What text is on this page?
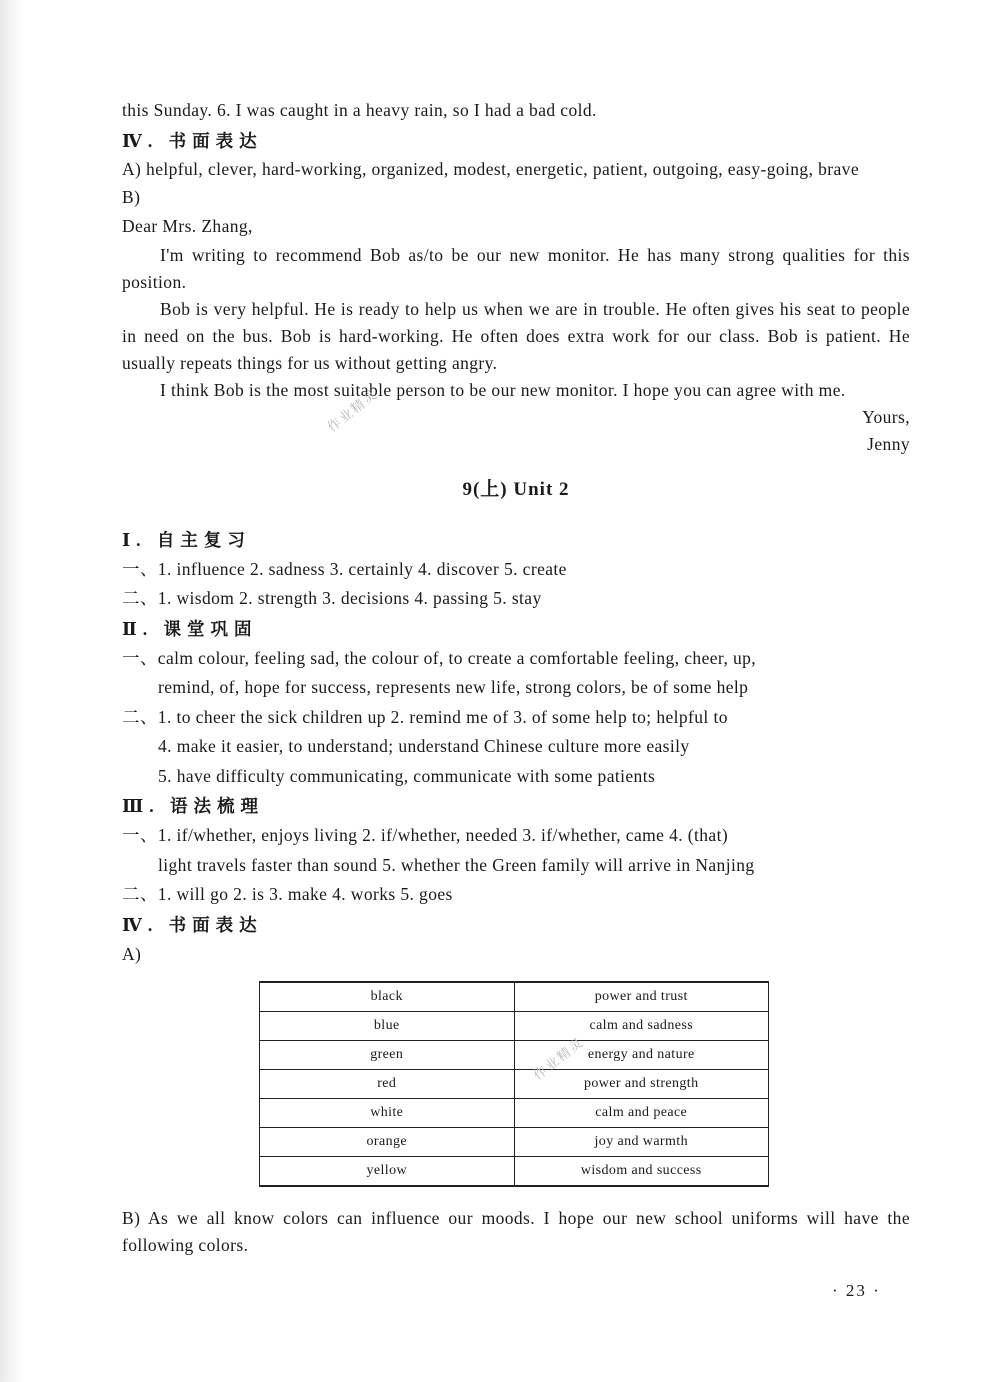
this Sunday. 6. I was caught in a heavy rain, so I had a bad cold.
Ⅳ. 书面表达
A) helpful, clever, hard-working, organized, modest, energetic, patient, outgoing, easy-going, brave
B)
Dear Mrs. Zhang,
I'm writing to recommend Bob as/to be our new monitor. He has many strong qualities for this position.
Bob is very helpful. He is ready to help us when we are in trouble. He often gives his seat to people in need on the bus. Bob is hard-working. He often does extra work for our class. Bob is patient. He usually repeats things for us without getting angry.
I think Bob is the most suitable person to be our new monitor. I hope you can agree with me.
Yours,
Jenny
9(上) Unit 2
Ⅰ. 自主复习
一、1. influence 2. sadness 3. certainly 4. discover 5. create
二、1. wisdom 2. strength 3. decisions 4. passing 5. stay
Ⅱ. 课堂巩固
一、calm colour, feeling sad, the colour of, to create a comfortable feeling, cheer, up,
remind, of, hope for success, represents new life, strong colors, be of some help
二、1. to cheer the sick children up 2. remind me of 3. of some help to; helpful to
4. make it easier, to understand; understand Chinese culture more easily
5. have difficulty communicating, communicate with some patients
Ⅲ. 语法梳理
一、1. if/whether, enjoys living 2. if/whether, needed 3. if/whether, came 4. (that)
light travels faster than sound 5. whether the Green family will arrive in Nanjing
二、1. will go 2. is 3. make 4. works 5. goes
Ⅳ. 书面表达
A)
black	power and trust
blue	calm and sadness
green	energy and nature
red	power and strength
white	calm and peace
orange	joy and warmth
yellow	wisdom and success
B) As we all know colors can influence our moods. I hope our new school uniforms will have the following colors.
作业精灵
作业精灵
· 23 ·
